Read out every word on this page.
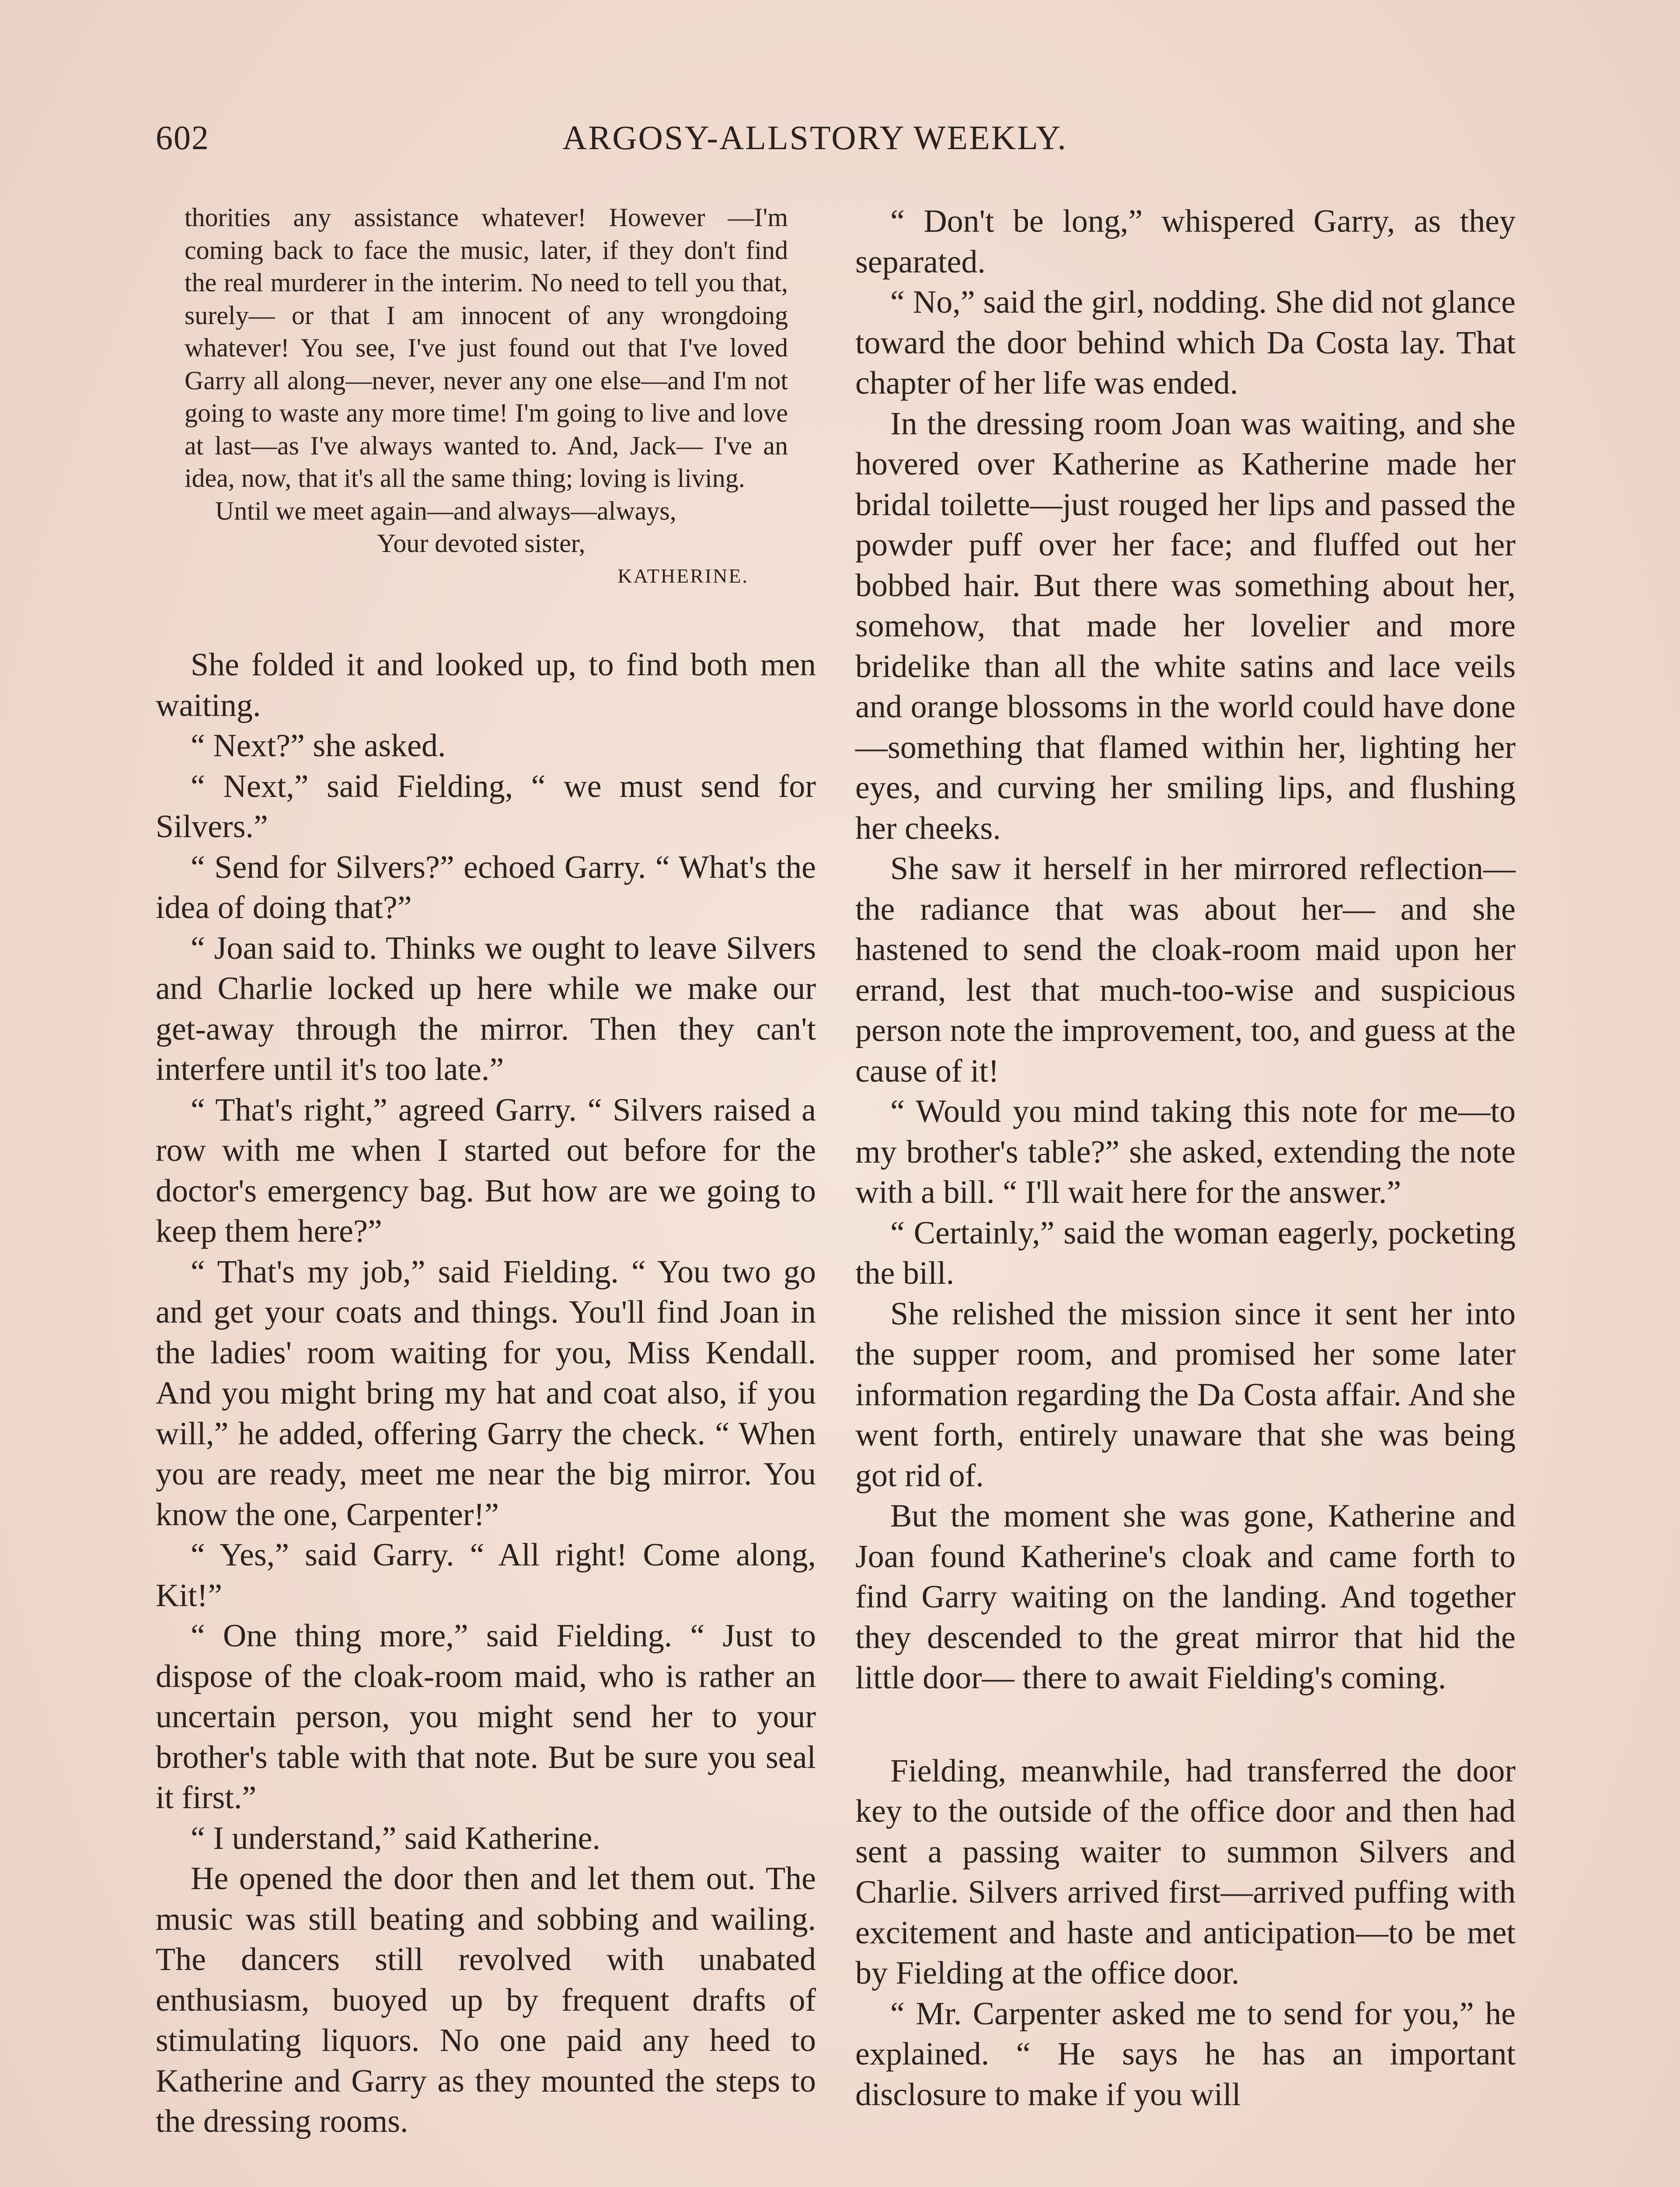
602	ARGOSY-ALLSTORY WEEKLY.

thorities any assistance whatever! However —I'm coming back to face the music, later, if they don't find the real murderer in the interim. No need to tell you that, surely— or that I am innocent of any wrongdoing whatever! You see, I've just found out that I've loved Garry all along—never, never any one else—and I'm not going to waste any more time! I'm going to live and love at last—as I've always wanted to. And, Jack— I've an idea, now, that it's all the same thing; loving is living.

Until we meet again—and always—always,

Your devoted sister,

KATHERINE.

She folded it and looked up, to find both men waiting.

“ Next?” she asked.

“ Next,” said Fielding, “ we must send for Silvers.”

“ Send for Silvers?” echoed Garry. “ What's the idea of doing that?”

“ Joan said to. Thinks we ought to leave Silvers and Charlie locked up here while we make our get-away through the mirror. Then they can't interfere until it's too late.”

“ That's right,” agreed Garry. “ Silvers raised a row with me when I started out before for the doctor's emergency bag. But how are we going to keep them here?”

“ That's my job,” said Fielding. “ You two go and get your coats and things. You'll find Joan in the ladies' room waiting for you, Miss Kendall. And you might bring my hat and coat also, if you will,” he added, offering Garry the check. “ When you are ready, meet me near the big mirror. You know the one, Carpenter!”

“ Yes,” said Garry. “ All right! Come along, Kit!”

“ One thing more,” said Fielding. “ Just to dispose of the cloak-room maid, who is rather an uncertain person, you might send her to your brother's table with that note. But be sure you seal it first.”

“ I understand,” said Katherine.

He opened the door then and let them out. The music was still beating and sobbing and wailing. The dancers still revolved with unabated enthusiasm, buoyed up by frequent drafts of stimulating liquors. No one paid any heed to Katherine and Garry as they mounted the steps to the dressing rooms.

“ Don't be long,” whispered Garry, as they separated.

“ No,” said the girl, nodding. She did not glance toward the door behind which Da Costa lay. That chapter of her life was ended.

In the dressing room Joan was waiting, and she hovered over Katherine as Katherine made her bridal toilette—just rouged her lips and passed the powder puff over her face; and fluffed out her bobbed hair. But there was something about her, somehow, that made her lovelier and more bridelike than all the white satins and lace veils and orange blossoms in the world could have done—something that flamed within her, lighting her eyes, and curving her smiling lips, and flushing her cheeks.

She saw it herself in her mirrored reflection—the radiance that was about her— and she hastened to send the cloak-room maid upon her errand, lest that much-too-wise and suspicious person note the improvement, too, and guess at the cause of it!

“ Would you mind taking this note for me—to my brother's table?” she asked, extending the note with a bill. “ I'll wait here for the answer.”

“ Certainly,” said the woman eagerly, pocketing the bill.

She relished the mission since it sent her into the supper room, and promised her some later information regarding the Da Costa affair. And she went forth, entirely unaware that she was being got rid of.

But the moment she was gone, Katherine and Joan found Katherine's cloak and came forth to find Garry waiting on the landing. And together they descended to the great mirror that hid the little door— there to await Fielding's coming.

Fielding, meanwhile, had transferred the door key to the outside of the office door and then had sent a passing waiter to summon Silvers and Charlie. Silvers arrived first—arrived puffing with excitement and haste and anticipation—to be met by Fielding at the office door.

“ Mr. Carpenter asked me to send for you,” he explained. “ He says he has an important disclosure to make if you will
